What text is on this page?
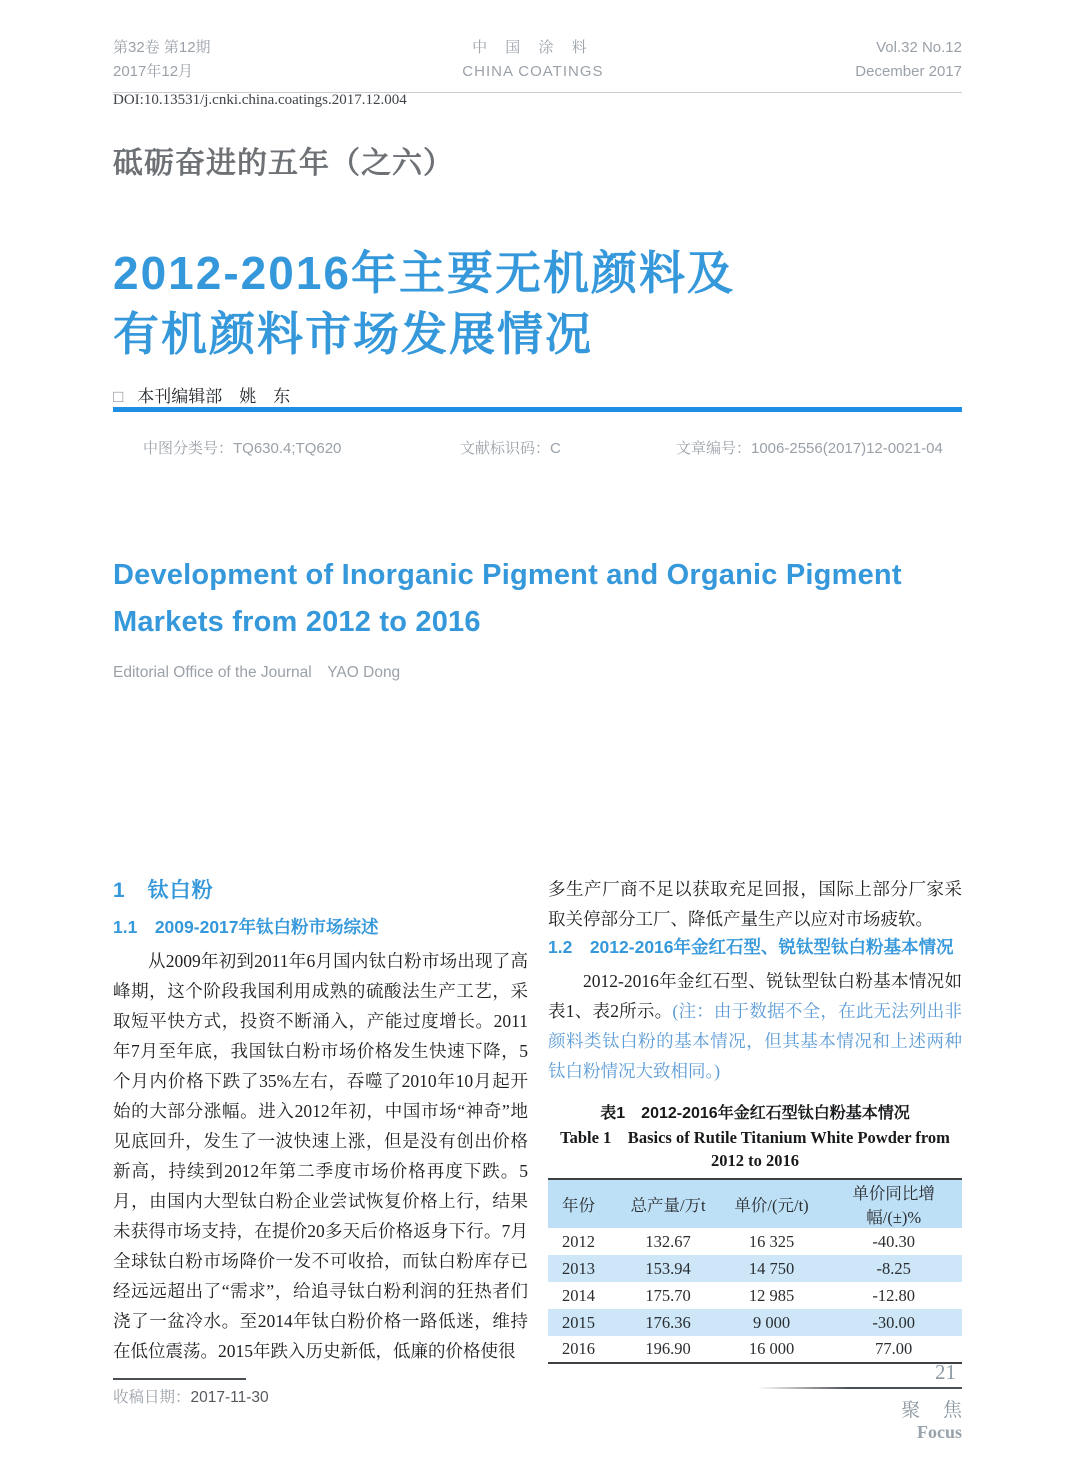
第32卷 第12期
2017年12月
中 国 涂 料
CHINA COATINGS
Vol.32 No.12
December 2017
DOI:10.13531/j.cnki.china.coatings.2017.12.004
砥砺奋进的五年（之六）
2012-2016年主要无机颜料及
有机颜料市场发展情况
□ 本刊编辑部　姚　东
中图分类号：TQ630.4;TQ620	文献标识码：C	文章编号：1006-2556(2017)12-0021-04
Development of Inorganic Pigment and Organic Pigment
Markets from 2012 to 2016
Editorial Office of the Journal　YAO Dong
1　钛白粉
1.1　2009-2017年钛白粉市场综述

从2009年初到2011年6月国内钛白粉市场出现了高峰期，这个阶段我国利用成熟的硫酸法生产工艺，采取短平快方式，投资不断涌入，产能过度增长。2011年7月至年底，我国钛白粉市场价格发生快速下降，5个月内价格下跌了35%左右，吞噬了2010年10月起开始的大部分涨幅。进入2012年初，中国市场“神奇”地见底回升，发生了一波快速上涨，但是没有创出价格新高，持续到2012年第二季度市场价格再度下跌。5月，由国内大型钛白粉企业尝试恢复价格上行，结果未获得市场支持，在提价20多天后价格返身下行。7月全球钛白粉市场降价一发不可收拾，而钛白粉库存已经远远超出了“需求”，给追寻钛白粉利润的狂热者们浇了一盆冷水。至2014年钛白粉价格一路低迷，维持在低位震荡。2015年跌入历史新低，低廉的价格使很

收稿日期：2017-11-30

多生产厂商不足以获取充足回报，国际上部分厂家采取关停部分工厂、降低产量生产以应对市场疲软。

1.2　2012-2016年金红石型、锐钛型钛白粉基本情况

2012-2016年金红石型、锐钛型钛白粉基本情况如表1、表2所示。(注：由于数据不全，在此无法列出非颜料类钛白粉的基本情况，但其基本情况和上述两种钛白粉情况大致相同。)

表1　2012-2016年金红石型钛白粉基本情况
Table 1　Basics of Rutile Titanium White Powder from
2012 to 2016
年份	总产量/万t	单价/(元/t)	单价同比增幅/(±)%
2012	132.67	16 325	-40.30
2013	153.94	14 750	-8.25
2014	175.70	12 985	-12.80
2015	176.36	9 000	-30.00
2016	196.90	16 000	77.00
21
聚 焦
Focus
